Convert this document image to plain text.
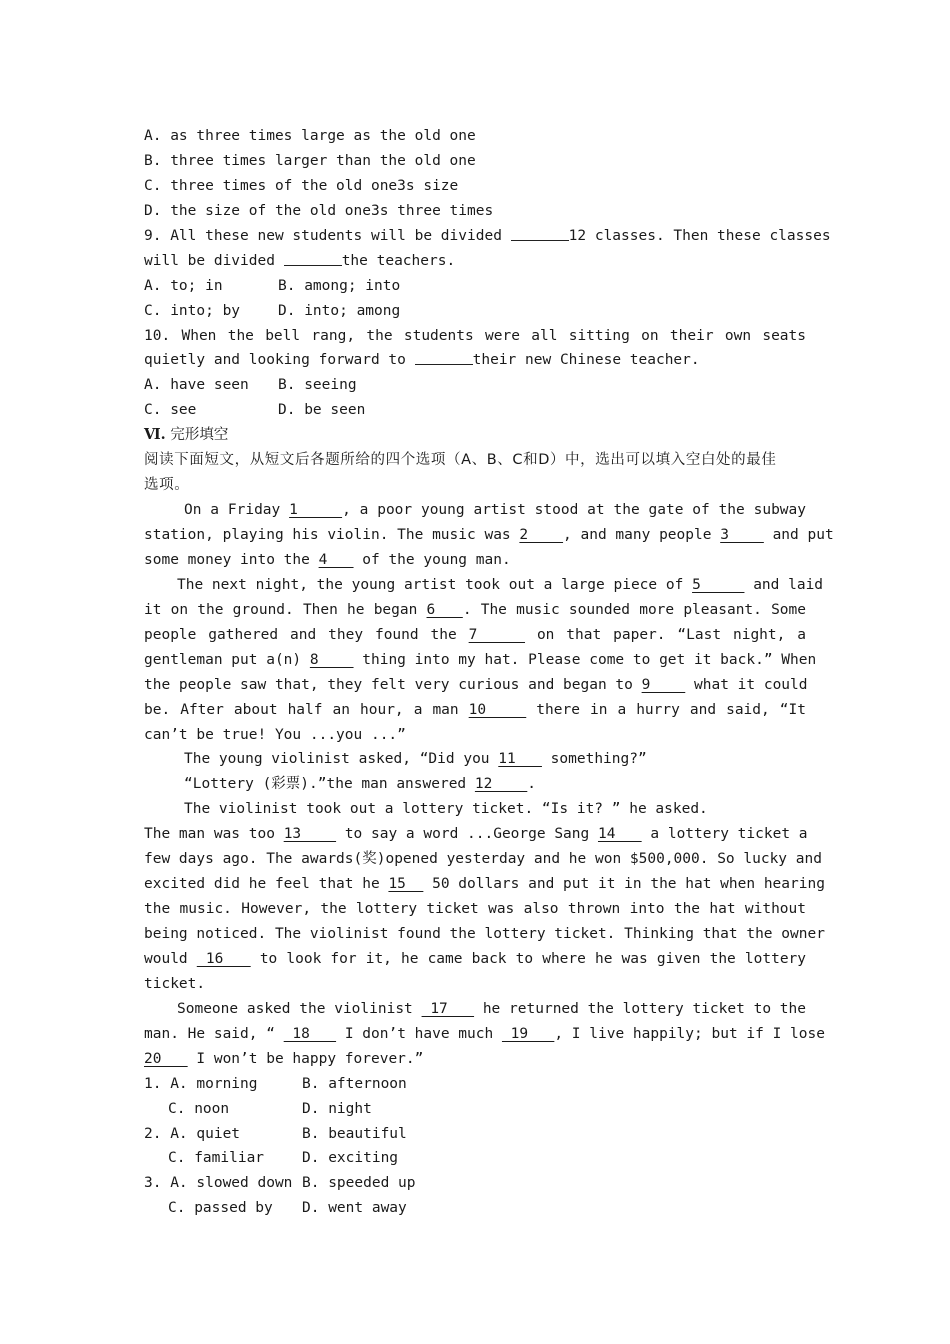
A. as three times large as the old one
B. three times larger than the old one
C. three times of the old one3s size
D. the size of the old one3s three times
9. All these new students will be divided	12 classes. Then these classes
will be divided	the teachers.
A. to; in	B. among; into
C. into; by	D. into; among
10. When the bell rang, the students were all sitting on their own seats
quietly and looking forward to	their new Chinese teacher.
A. have seen B. seeing
C. see	D. be seen
Ⅵ. 完形填空
阅读下面短文，从短文后各题所给的四个选项（A、B、C和D）中，选出可以填入空白处的最佳
选项。
On a Friday 1     , a poor young artist stood at the gate of the subway
station, playing his violin. The music was 2    , and many people 3     and put
some money into the 4    of the young man.
The next night, the young artist took out a large piece of 5      and laid
it on the ground. Then he began 6   . The music sounded more pleasant. Some
people gathered and they found the 7     on that paper. “Last night, a
gentleman put a(n) 8     thing into my hat. Please come to get it back.” When
the people saw that, they felt very curious and began to 9     what it could
be. After about half an hour, a man 10     there in a hurry and said, “It
can’t be true! You ...you ...”
The young violinist asked, “Did you 11    something?”
“Lottery (彩票).”the man answered 12    .
The violinist took out a lottery ticket. “Is it? ” he asked.
The man was too 13     to say a word ...George Sang 14    a lottery ticket a
few days ago. The awards(奖)opened yesterday and he won $500,000. So lucky and
excited did he feel that he 15   50 dollars and put it in the hat when hearing
the music. However, the lottery ticket was also thrown into the hat without
being noticed. The violinist found the lottery ticket. Thinking that the owner
would  16    to look for it, he came back to where he was given the lottery
ticket.
Someone asked the violinist  17    he returned the lottery ticket to the
man. He said, “  18    I don’t have much  19   , I live happily; but if I lose
20    I won’t be happy forever.”
1. A. morning	B. afternoon
C. noon	D. night
2. A. quiet	B. beautiful
C. familiar	D. exciting
3. A. slowed down B. speeded up
C. passed by D. went away
